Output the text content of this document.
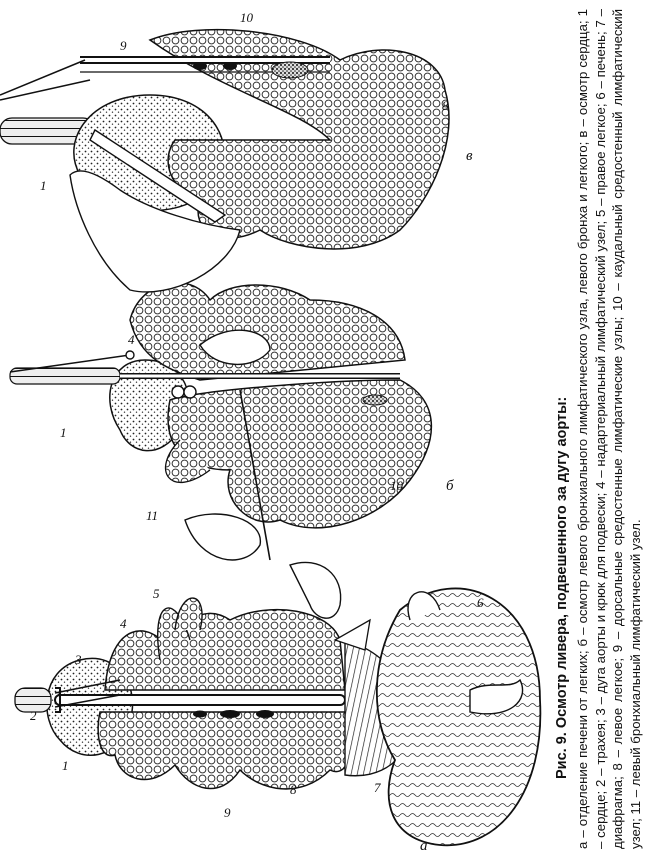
1
2
3
4
5
6
7
8
9
а
1
4
10
11
б
1
8
9
10
в

Рис. 9. Осмотр ливера, подвешенного за дугу аорты: а – отделение печени от легких; б – осмотр левого бронхиального лимфатического узла, левого бронха и легкого; в – осмотр сердца; 1 – сердце; 2 – трахея; 3 – дуга аорты и крюк для подвески; 4 – надартериальный лимфатический узел; 5 – правое легкое; 6 – печень; 7 – диафрагма; 8 – левое легкое; 9 – дорсальные средостенные лимфатические узлы; 10 – каудальный средостенный лимфатический узел; 11 – левый бронхиальный лимфатический узел.
